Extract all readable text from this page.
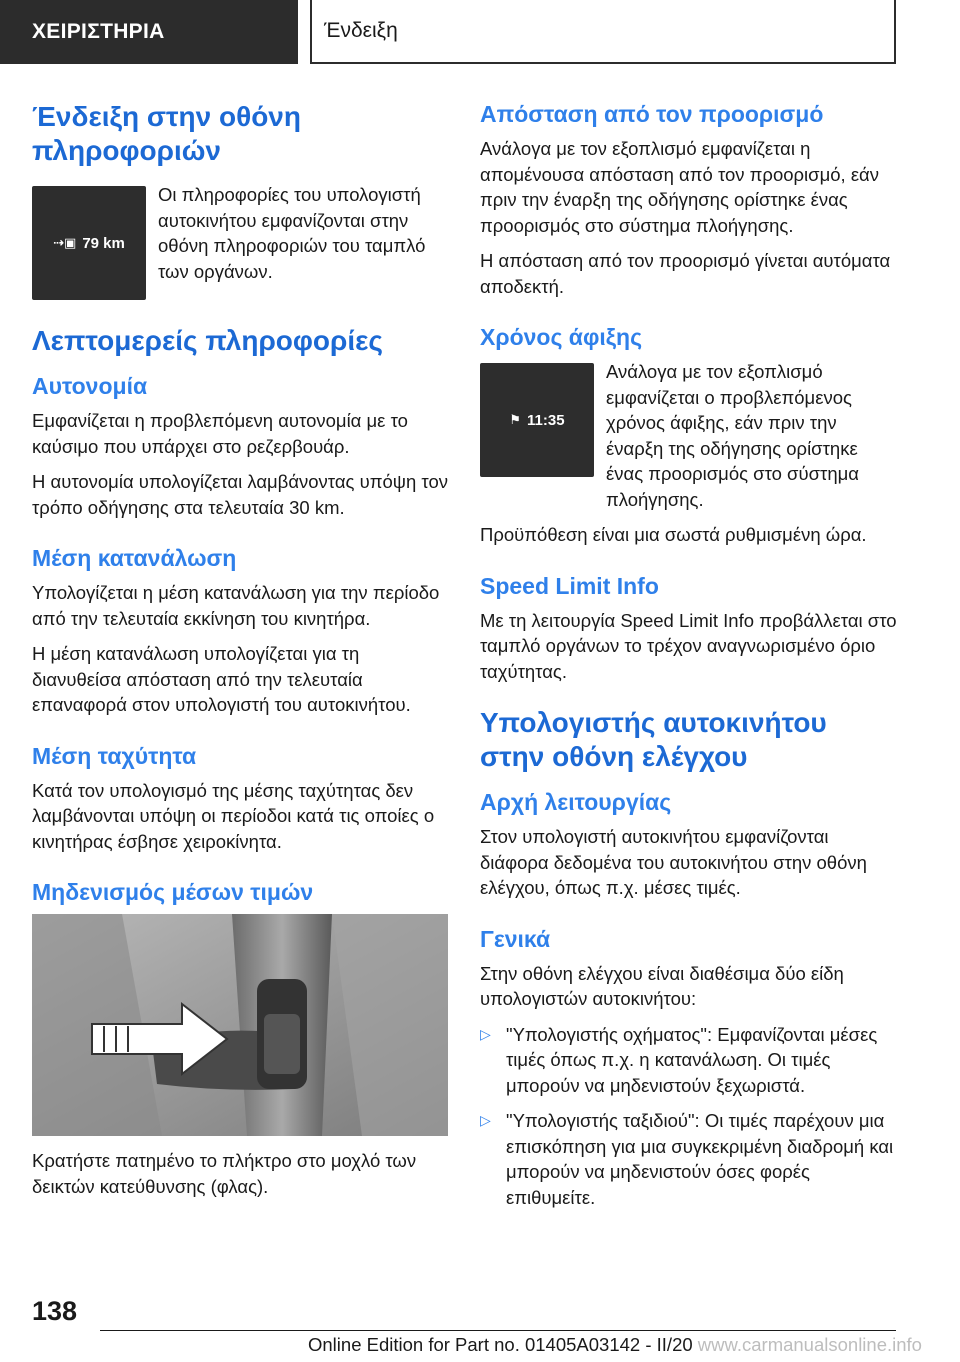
ΧΕΙΡΙΣΤΗΡΙΑ	Ένδειξη
Ένδειξη στην οθόνη πληροφοριών
⇢▣ 79 km

Οι πληροφορίες του υπολογιστή αυτοκινήτου εμφανίζονται στην οθόνη πληροφοριών του ταμπλό των οργάνων.

Λεπτομερείς πληροφορίες
Αυτονομία

Εμφανίζεται η προβλεπόμενη αυτονομία με το καύσιμο που υπάρχει στο ρεζερβουάρ.

Η αυτονομία υπολογίζεται λαμβάνοντας υπόψη τον τρόπο οδήγησης στα τελευταία 30 km.

Μέση κατανάλωση

Υπολογίζεται η μέση κατανάλωση για την περίοδο από την τελευταία εκκίνηση του κινητήρα.

Η μέση κατανάλωση υπολογίζεται για τη διανυθείσα απόσταση από την τελευταία επαναφορά στον υπολογιστή του αυτοκινήτου.

Μέση ταχύτητα

Κατά τον υπολογισμό της μέσης ταχύτητας δεν λαμβάνονται υπόψη οι περίοδοι κατά τις οποίες ο κινητήρας έσβησε χειροκίνητα.

Μηδενισμός μέσων τιμών

Κρατήστε πατημένο το πλήκτρο στο μοχλό των δεικτών κατεύθυνσης (φλας).

Απόσταση από τον προορισμό

Ανάλογα με τον εξοπλισμό εμφανίζεται η απομένουσα απόσταση από τον προορισμό, εάν πριν την έναρξη της οδήγησης ορίστηκε ένας προορισμός στο σύστημα πλοήγησης.

Η απόσταση από τον προορισμό γίνεται αυτόματα αποδεκτή.

Χρόνος άφιξης
⚑ 11:35

Ανάλογα με τον εξοπλισμό εμφανίζεται ο προβλεπόμενος χρόνος άφιξης, εάν πριν την έναρξη της οδήγησης ορίστηκε ένας προορισμός στο σύστημα πλοήγησης.

Προϋπόθεση είναι μια σωστά ρυθμισμένη ώρα.

Speed Limit Info

Με τη λειτουργία Speed Limit Info προβάλλεται στο ταμπλό οργάνων το τρέχον αναγνωρισμένο όριο ταχύτητας.

Υπολογιστής αυτοκινήτου στην οθόνη ελέγχου
Αρχή λειτουργίας

Στον υπολογιστή αυτοκινήτου εμφανίζονται διάφορα δεδομένα του αυτοκινήτου στην οθόνη ελέγχου, όπως π.χ. μέσες τιμές.

Γενικά

Στην οθόνη ελέγχου είναι διαθέσιμα δύο είδη υπολογιστών αυτοκινήτου:

▷ "Υπολογιστής οχήματος": Εμφανίζονται μέσες τιμές όπως π.χ. η κατανάλωση. Οι τιμές μπορούν να μηδενιστούν ξεχωριστά.
▷ "Υπολογιστής ταξιδιού": Οι τιμές παρέχουν μια επισκόπηση για μια συγκεκριμένη διαδρομή και μπορούν να μηδενιστούν όσες φορές επιθυμείτε.
138
Online Edition for Part no. 01405A03142 - II/20 www.carmanualsonline.info
